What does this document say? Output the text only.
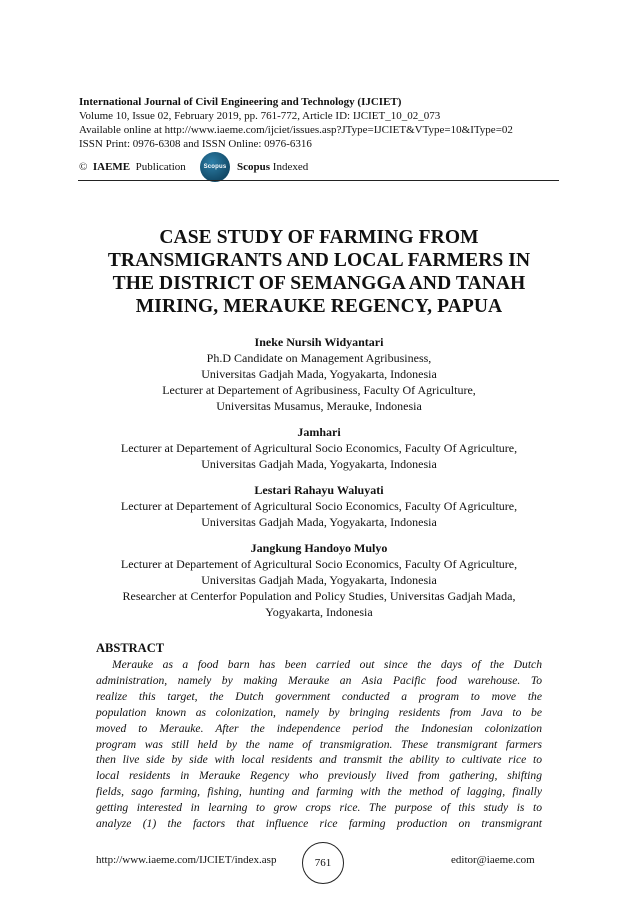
International Journal of Civil Engineering and Technology (IJCIET)
Volume 10, Issue 02, February 2019, pp. 761-772, Article ID: IJCIET_10_02_073
Available online at http://www.iaeme.com/ijciet/issues.asp?JType=IJCIET&VType=10&IType=02
ISSN Print: 0976-6308 and ISSN Online: 0976-6316
© IAEME Publication	Scopus Scopus Indexed
CASE STUDY OF FARMING FROM
TRANSMIGRANTS AND LOCAL FARMERS IN
THE DISTRICT OF SEMANGGA AND TANAH
MIRING, MERAUKE REGENCY, PAPUA
Ineke Nursih Widyantari
Ph.D Candidate on Management Agribusiness,
Universitas Gadjah Mada, Yogyakarta, Indonesia
Lecturer at Departement of Agribusiness, Faculty Of Agriculture,
Universitas Musamus, Merauke, Indonesia
Jamhari
Lecturer at Departement of Agricultural Socio Economics, Faculty Of Agriculture,
Universitas Gadjah Mada, Yogyakarta, Indonesia
Lestari Rahayu Waluyati
Lecturer at Departement of Agricultural Socio Economics, Faculty Of Agriculture,
Universitas Gadjah Mada, Yogyakarta, Indonesia
Jangkung Handoyo Mulyo
Lecturer at Departement of Agricultural Socio Economics, Faculty Of Agriculture,
Universitas Gadjah Mada, Yogyakarta, Indonesia
Researcher at Centerfor Population and Policy Studies, Universitas Gadjah Mada,
Yogyakarta, Indonesia
ABSTRACT
Merauke as a food barn has been carried out since the days of the Dutch
administration, namely by making Merauke an Asia Pacific food warehouse. To
realize this target, the Dutch government conducted a program to move the
population known as colonization, namely by bringing residents from Java to be
moved to Merauke. After the independence period the Indonesian colonization
program was still held by the name of transmigration. These transmigrant farmers
then live side by side with local residents and transmit the ability to cultivate rice to
local residents in Merauke Regency who previously lived from gathering, shifting
fields, sago farming, fishing, hunting and farming with the method of lagging, finally
getting interested in learning to grow crops rice. The purpose of this study is to
analyze (1) the factors that influence rice farming production on transmigrant
http://www.iaeme.com/IJCIET/index.asp	761	editor@iaeme.com
